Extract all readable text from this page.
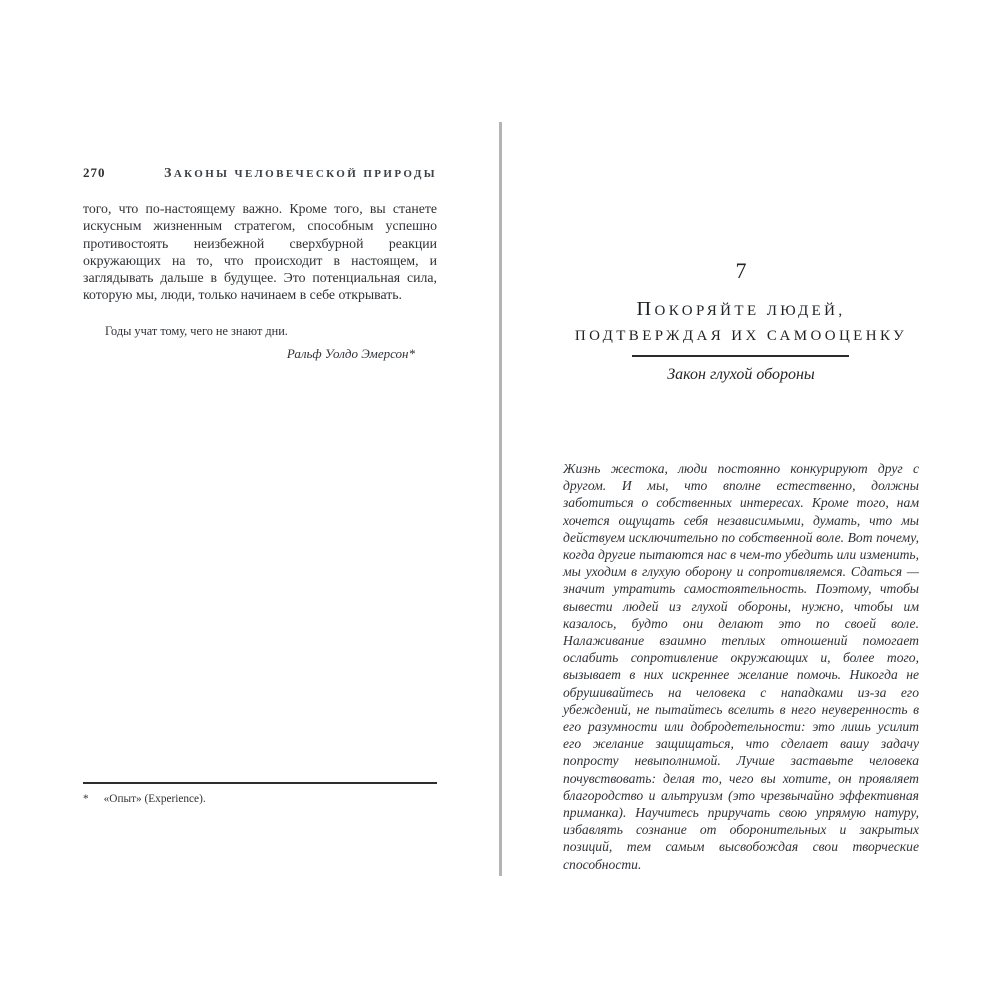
270	ЗАКОНЫ ЧЕЛОВЕЧЕСКОЙ ПРИРОДЫ

того, что по-настоящему важно. Кроме того, вы станете искусным жизненным стратегом, способным успешно противостоять неизбежной сверхбурной реакции окружающих на то, что происходит в настоящем, и заглядывать дальше в будущее. Это потенциальная сила, которую мы, люди, только начинаем в себе открывать.

Годы учат тому, чего не знают дни.

Ральф Уолдо Эмерсон*

* «Опыт» (Experience).

7
ПОКОРЯЙТЕ ЛЮДЕЙ,
ПОДТВЕРЖДАЯ ИХ САМООЦЕНКУ
Закон глухой обороны

Жизнь жестока, люди постоянно конкурируют друг с другом. И мы, что вполне естественно, должны заботиться о собственных интересах. Кроме того, нам хочется ощущать себя независимыми, думать, что мы действуем исключительно по собственной воле. Вот почему, когда другие пытаются нас в чем-то убедить или изменить, мы уходим в глухую оборону и сопротивляемся. Сдаться — значит утратить самостоятельность. Поэтому, чтобы вывести людей из глухой обороны, нужно, чтобы им казалось, будто они делают это по своей воле. Налаживание взаимно теплых отношений помогает ослабить сопротивление окружающих и, более того, вызывает в них искреннее желание помочь. Никогда не обрушивайтесь на человека с нападками из-за его убеждений, не пытайтесь вселить в него неуверенность в его разумности или добродетельности: это лишь усилит его желание защищаться, что сделает вашу задачу попросту невыполнимой. Лучше заставьте человека почувствовать: делая то, чего вы хотите, он проявляет благородство и альтруизм (это чрезвычайно эффективная приманка). Научитесь приручать свою упрямую натуру, избавлять сознание от оборонительных и закрытых позиций, тем самым высвобождая свои творческие способности.
